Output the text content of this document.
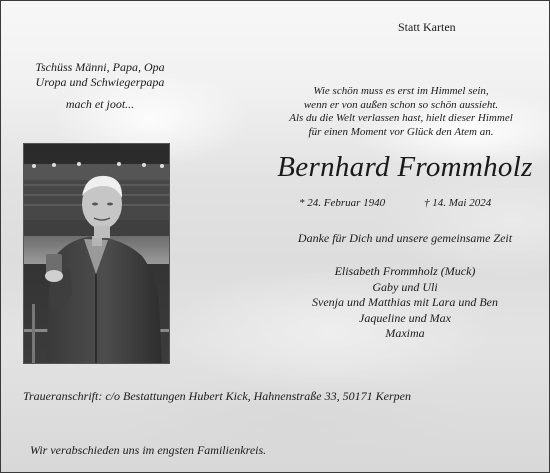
Statt Karten
Tschüss Männi, Papa, Opa
Uropa und Schwiegerpapa
mach et joot...
Wie schön muss es erst im Himmel sein,
wenn er von außen schon so schön aussieht.
Als du die Welt verlassen hast, hielt dieser Himmel
für einen Moment vor Glück den Atem an.
Bernhard Frommholz
* 24. Februar 1940	† 14. Mai 2024
Danke für Dich und unsere gemeinsame Zeit
Elisabeth Frommholz (Muck)
Gaby und Uli
Svenja und Matthias mit Lara und Ben
Jaqueline und Max
Maxima
Traueranschrift: c/o Bestattungen Hubert Kick, Hahnenstraße 33, 50171 Kerpen
Wir verabschieden uns im engsten Familienkreis.
